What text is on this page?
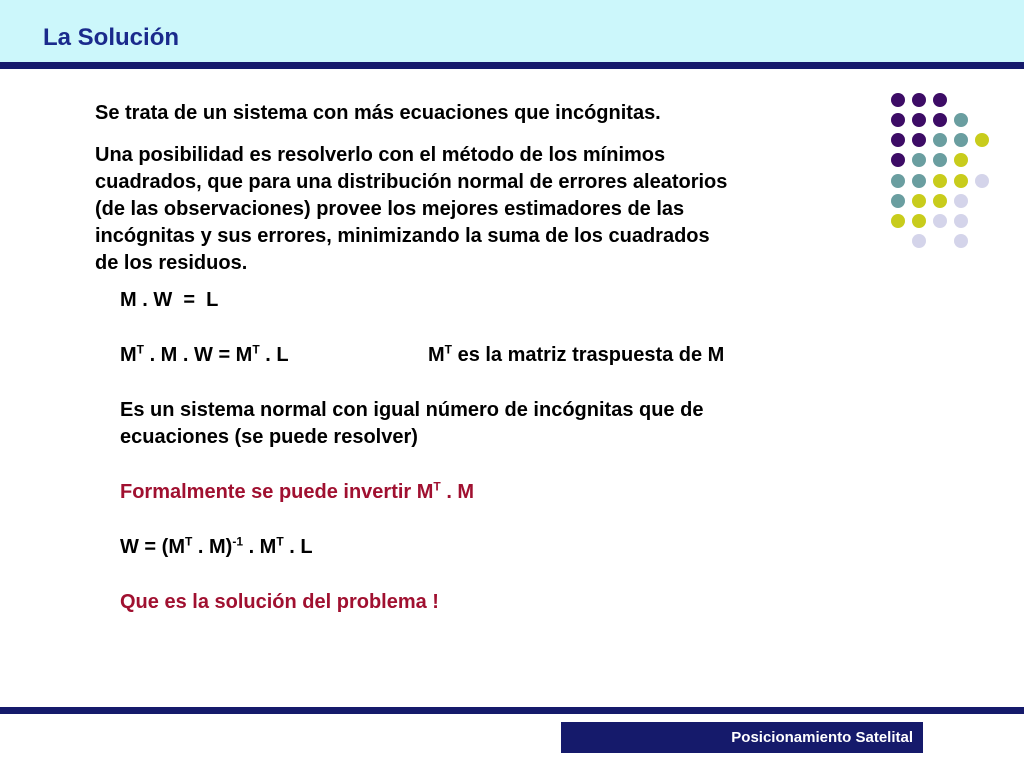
La Solución

Se trata de un sistema con más ecuaciones que incógnitas.

Una posibilidad es resolverlo con el método de los mínimos
cuadrados, que para una distribución normal de errores aleatorios
(de las observaciones) provee los mejores estimadores de las
incógnitas y sus errores, minimizando la suma de los cuadrados
de los residuos.

M . W  =  L

$M^T$ . M . $W = M^T$ . L	$M^T$ es la matriz traspuesta de M

Es un sistema normal con igual número de incógnitas que de
ecuaciones (se puede resolver)

Formalmente se puede invertir $M^T$ . M

$W = (M^T$ . M)$^{-1}$ . $M^T$ . L

Que es la solución del problema !

Posicionamiento Satelital
